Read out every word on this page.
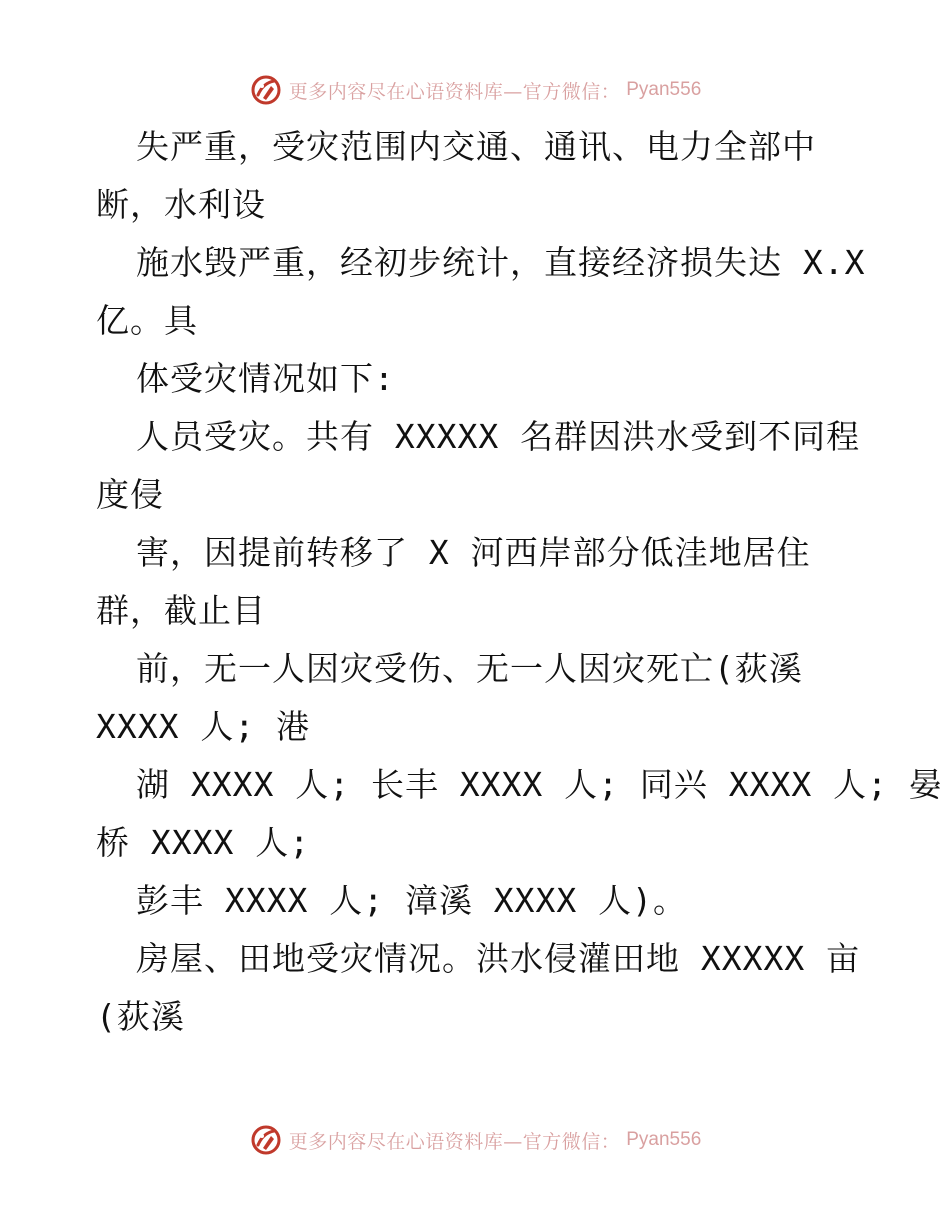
更多内容尽在心语资料库—官方微信： Pyan556

失严重，受灾范围内交通、通讯、电力全部中

断，水利设

施水毁严重，经初步统计，直接经济损失达 X.X

亿。具

体受灾情况如下:

人员受灾。共有 XXXXX 名群因洪水受到不同程

度侵

害，因提前转移了 X 河西岸部分低洼地居住

群，截止目

前，无一人因灾受伤、无一人因灾死亡(荻溪

XXXX 人; 港

湖 XXXX 人; 长丰 XXXX 人; 同兴 XXXX 人; 晏

桥 XXXX 人;

彭丰 XXXX 人; 漳溪 XXXX 人)。

房屋、田地受灾情况。洪水侵灌田地 XXXXX 亩

(荻溪

更多内容尽在心语资料库—官方微信： Pyan556
